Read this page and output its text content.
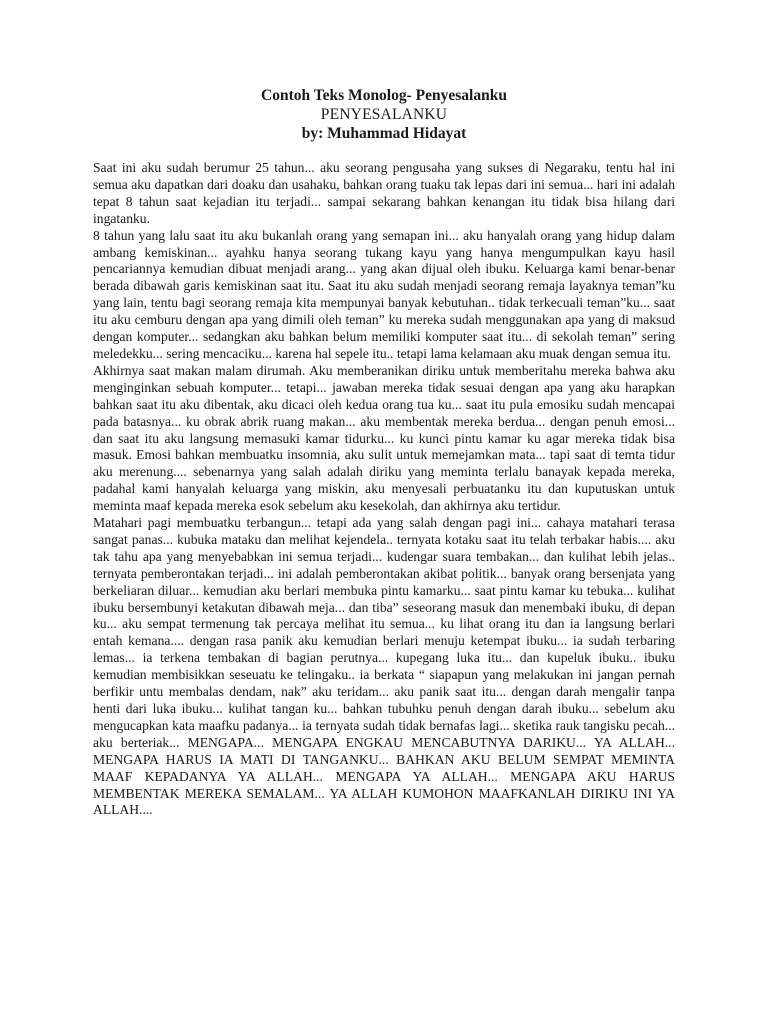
Contoh Teks Monolog- Penyesalanku
PENYESALANKU
by: Muhammad Hidayat

Saat ini aku sudah berumur 25 tahun... aku seorang pengusaha yang sukses di Negaraku, tentu hal ini semua aku dapatkan dari doaku dan usahaku, bahkan orang tuaku tak lepas dari ini semua... hari ini adalah tepat 8 tahun saat kejadian itu terjadi... sampai sekarang bahkan kenangan itu tidak bisa hilang dari ingatanku.

8 tahun yang lalu saat itu aku bukanlah orang yang semapan ini... aku hanyalah orang yang hidup dalam ambang kemiskinan... ayahku hanya seorang tukang kayu yang hanya mengumpulkan kayu hasil pencariannya kemudian dibuat menjadi arang... yang akan dijual oleh ibuku. Keluarga kami benar-benar berada dibawah garis kemiskinan saat itu. Saat itu aku sudah menjadi seorang remaja layaknya teman”ku yang lain, tentu bagi seorang remaja kita mempunyai banyak kebutuhan.. tidak terkecuali teman”ku... saat itu aku cemburu dengan apa yang dimili oleh teman” ku mereka sudah menggunakan apa yang di maksud dengan komputer... sedangkan aku bahkan belum memiliki komputer saat itu... di sekolah teman” sering meledekku... sering mencaciku... karena hal sepele itu.. tetapi lama kelamaan aku muak dengan semua itu.

Akhirnya saat makan malam dirumah. Aku memberanikan diriku untuk memberitahu mereka bahwa aku menginginkan sebuah komputer... tetapi... jawaban mereka tidak sesuai dengan apa yang aku harapkan bahkan saat itu aku dibentak, aku dicaci oleh kedua orang tua ku... saat itu pula emosiku sudah mencapai pada batasnya... ku obrak abrik ruang makan... aku membentak mereka berdua... dengan penuh emosi... dan saat itu aku langsung memasuki kamar tidurku... ku kunci pintu kamar ku agar mereka tidak bisa masuk. Emosi bahkan membuatku insomnia, aku sulit untuk memejamkan mata... tapi saat di temta tidur aku merenung.... sebenarnya yang salah adalah diriku yang meminta terlalu banayak kepada mereka, padahal kami hanyalah keluarga yang miskin, aku menyesali perbuatanku itu dan kuputuskan untuk meminta maaf kepada mereka esok sebelum aku kesekolah, dan akhirnya aku tertidur.

Matahari pagi membuatku terbangun... tetapi ada yang salah dengan pagi ini... cahaya matahari terasa sangat panas... kubuka mataku dan melihat kejendela.. ternyata kotaku saat itu telah terbakar habis.... aku tak tahu apa yang menyebabkan ini semua terjadi... kudengar suara tembakan... dan kulihat lebih jelas.. ternyata pemberontakan terjadi... ini adalah pemberontakan akibat politik... banyak orang bersenjata yang berkeliaran diluar... kemudian aku berlari membuka pintu kamarku... saat pintu kamar ku tebuka... kulihat ibuku bersembunyi ketakutan dibawah meja... dan tiba” seseorang masuk dan menembaki ibuku, di depan ku... aku sempat termenung tak percaya melihat itu semua... ku lihat orang itu dan ia langsung berlari entah kemana.... dengan rasa panik aku kemudian berlari menuju ketempat ibuku... ia sudah terbaring lemas... ia terkena tembakan di bagian perutnya... kupegang luka itu... dan kupeluk ibuku.. ibuku kemudian membisikkan seseuatu ke telingaku.. ia berkata “ siapapun yang melakukan ini jangan pernah berfikir untu membalas dendam, nak” aku teridam... aku panik saat itu... dengan darah mengalir tanpa henti dari luka ibuku... kulihat tangan ku... bahkan tubuhku penuh dengan darah ibuku... sebelum aku mengucapkan kata maafku padanya... ia ternyata sudah tidak bernafas lagi... sketika rauk tangisku pecah... aku berteriak... MENGAPA... MENGAPA ENGKAU MENCABUTNYA DARIKU... YA ALLAH... MENGAPA HARUS IA MATI DI TANGANKU... BAHKAN AKU BELUM SEMPAT MEMINTA MAAF KEPADANYA YA ALLAH... MENGAPA YA ALLAH... MENGAPA AKU HARUS MEMBENTAK MEREKA SEMALAM... YA ALLAH KUMOHON MAAFKANLAH DIRIKU INI YA ALLAH....
